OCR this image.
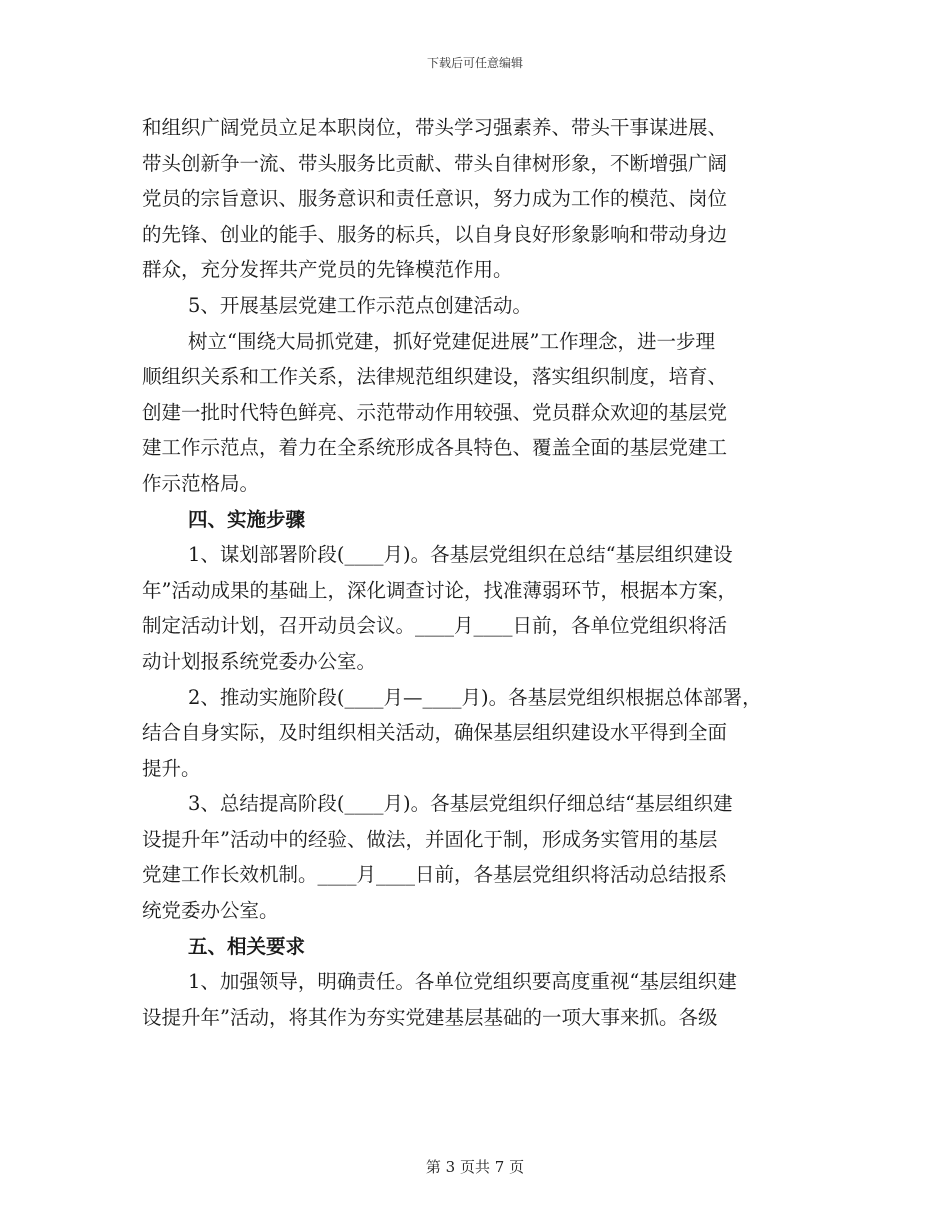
下载后可任意编辑
和组织广阔党员立足本职岗位，带头学习强素养、带头干事谋进展、
带头创新争一流、带头服务比贡献、带头自律树形象，不断增强广阔
党员的宗旨意识、服务意识和责任意识，努力成为工作的模范、岗位
的先锋、创业的能手、服务的标兵，以自身良好形象影响和带动身边
群众，充分发挥共产党员的先锋模范作用。
5、开展基层党建工作示范点创建活动。
树立“围绕大局抓党建，抓好党建促进展”工作理念，进一步理
顺组织关系和工作关系，法律规范组织建设，落实组织制度，培育、
创建一批时代特色鲜亮、示范带动作用较强、党员群众欢迎的基层党
建工作示范点，着力在全系统形成各具特色、覆盖全面的基层党建工
作示范格局。
四、实施步骤
1、谋划部署阶段(____月)。各基层党组织在总结“基层组织建设
年”活动成果的基础上，深化调查讨论，找准薄弱环节，根据本方案，
制定活动计划，召开动员会议。____月____日前，各单位党组织将活
动计划报系统党委办公室。
2、推动实施阶段(____月—____月)。各基层党组织根据总体部署，
结合自身实际，及时组织相关活动，确保基层组织建设水平得到全面
提升。
3、总结提高阶段(____月)。各基层党组织仔细总结“基层组织建
设提升年”活动中的经验、做法，并固化于制，形成务实管用的基层
党建工作长效机制。____月____日前，各基层党组织将活动总结报系
统党委办公室。
五、相关要求
1、加强领导，明确责任。各单位党组织要高度重视“基层组织建
设提升年”活动，将其作为夯实党建基层基础的一项大事来抓。各级
第 3 页共 7 页
